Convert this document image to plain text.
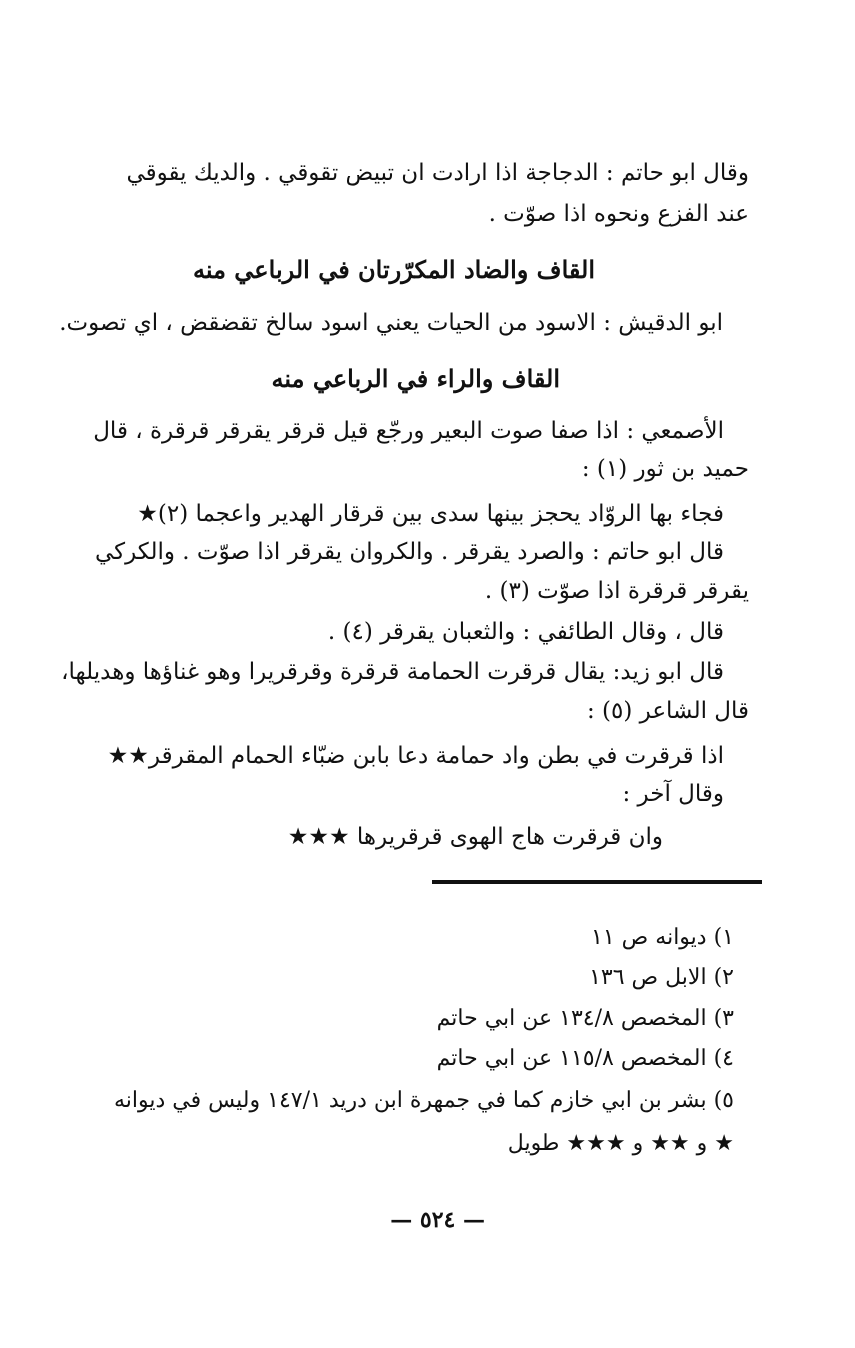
وقال ابو حاتم : الدجاجة اذا ارادت ان تبيض تقوقي . والديك يقوقي
عند الفزع ونحوه اذا صوّت .
القاف والضاد المكرّرتان في الرباعي منه
ابو الدقيش : الاسود من الحيات يعني اسود سالخ تقضقض ، اي تصوت.
القاف والراء في الرباعي منه
الأصمعي : اذا صفا صوت البعير ورجّع قيل قرقر يقرقر قرقرة ، قال
حميد بن ثور (١) :
فجاء بها الروّاد يحجز بينها سدى بين قرقار الهدير واعجما (٢)★
قال ابو حاتم : والصرد يقرقر . والكروان يقرقر اذا صوّت . والكركي
يقرقر قرقرة اذا صوّت (٣) .
قال ، وقال الطائفي : والثعبان يقرقر (٤) .
قال ابو زيد: يقال قرقرت الحمامة قرقرة وقرقريرا وهو غناؤها وهديلها،
قال الشاعر (٥) :
اذا قرقرت في بطن واد حمامة دعا بابن ضبّاء الحمام المقرقر★★
وقال آخر :
وان قرقرت هاج الهوى قرقريرها ★★★
١) ديوانه ص ١١
٢) الابل ص ١٣٦
٣) المخصص ١٣٤/٨ عن ابي حاتم
٤) المخصص ١١٥/٨ عن ابي حاتم
٥) بشر بن ابي خازم كما في جمهرة ابن دريد ١٤٧/١ وليس في ديوانه
★ و ★★ و ★★★ طويل
— ٥٢٤ —
